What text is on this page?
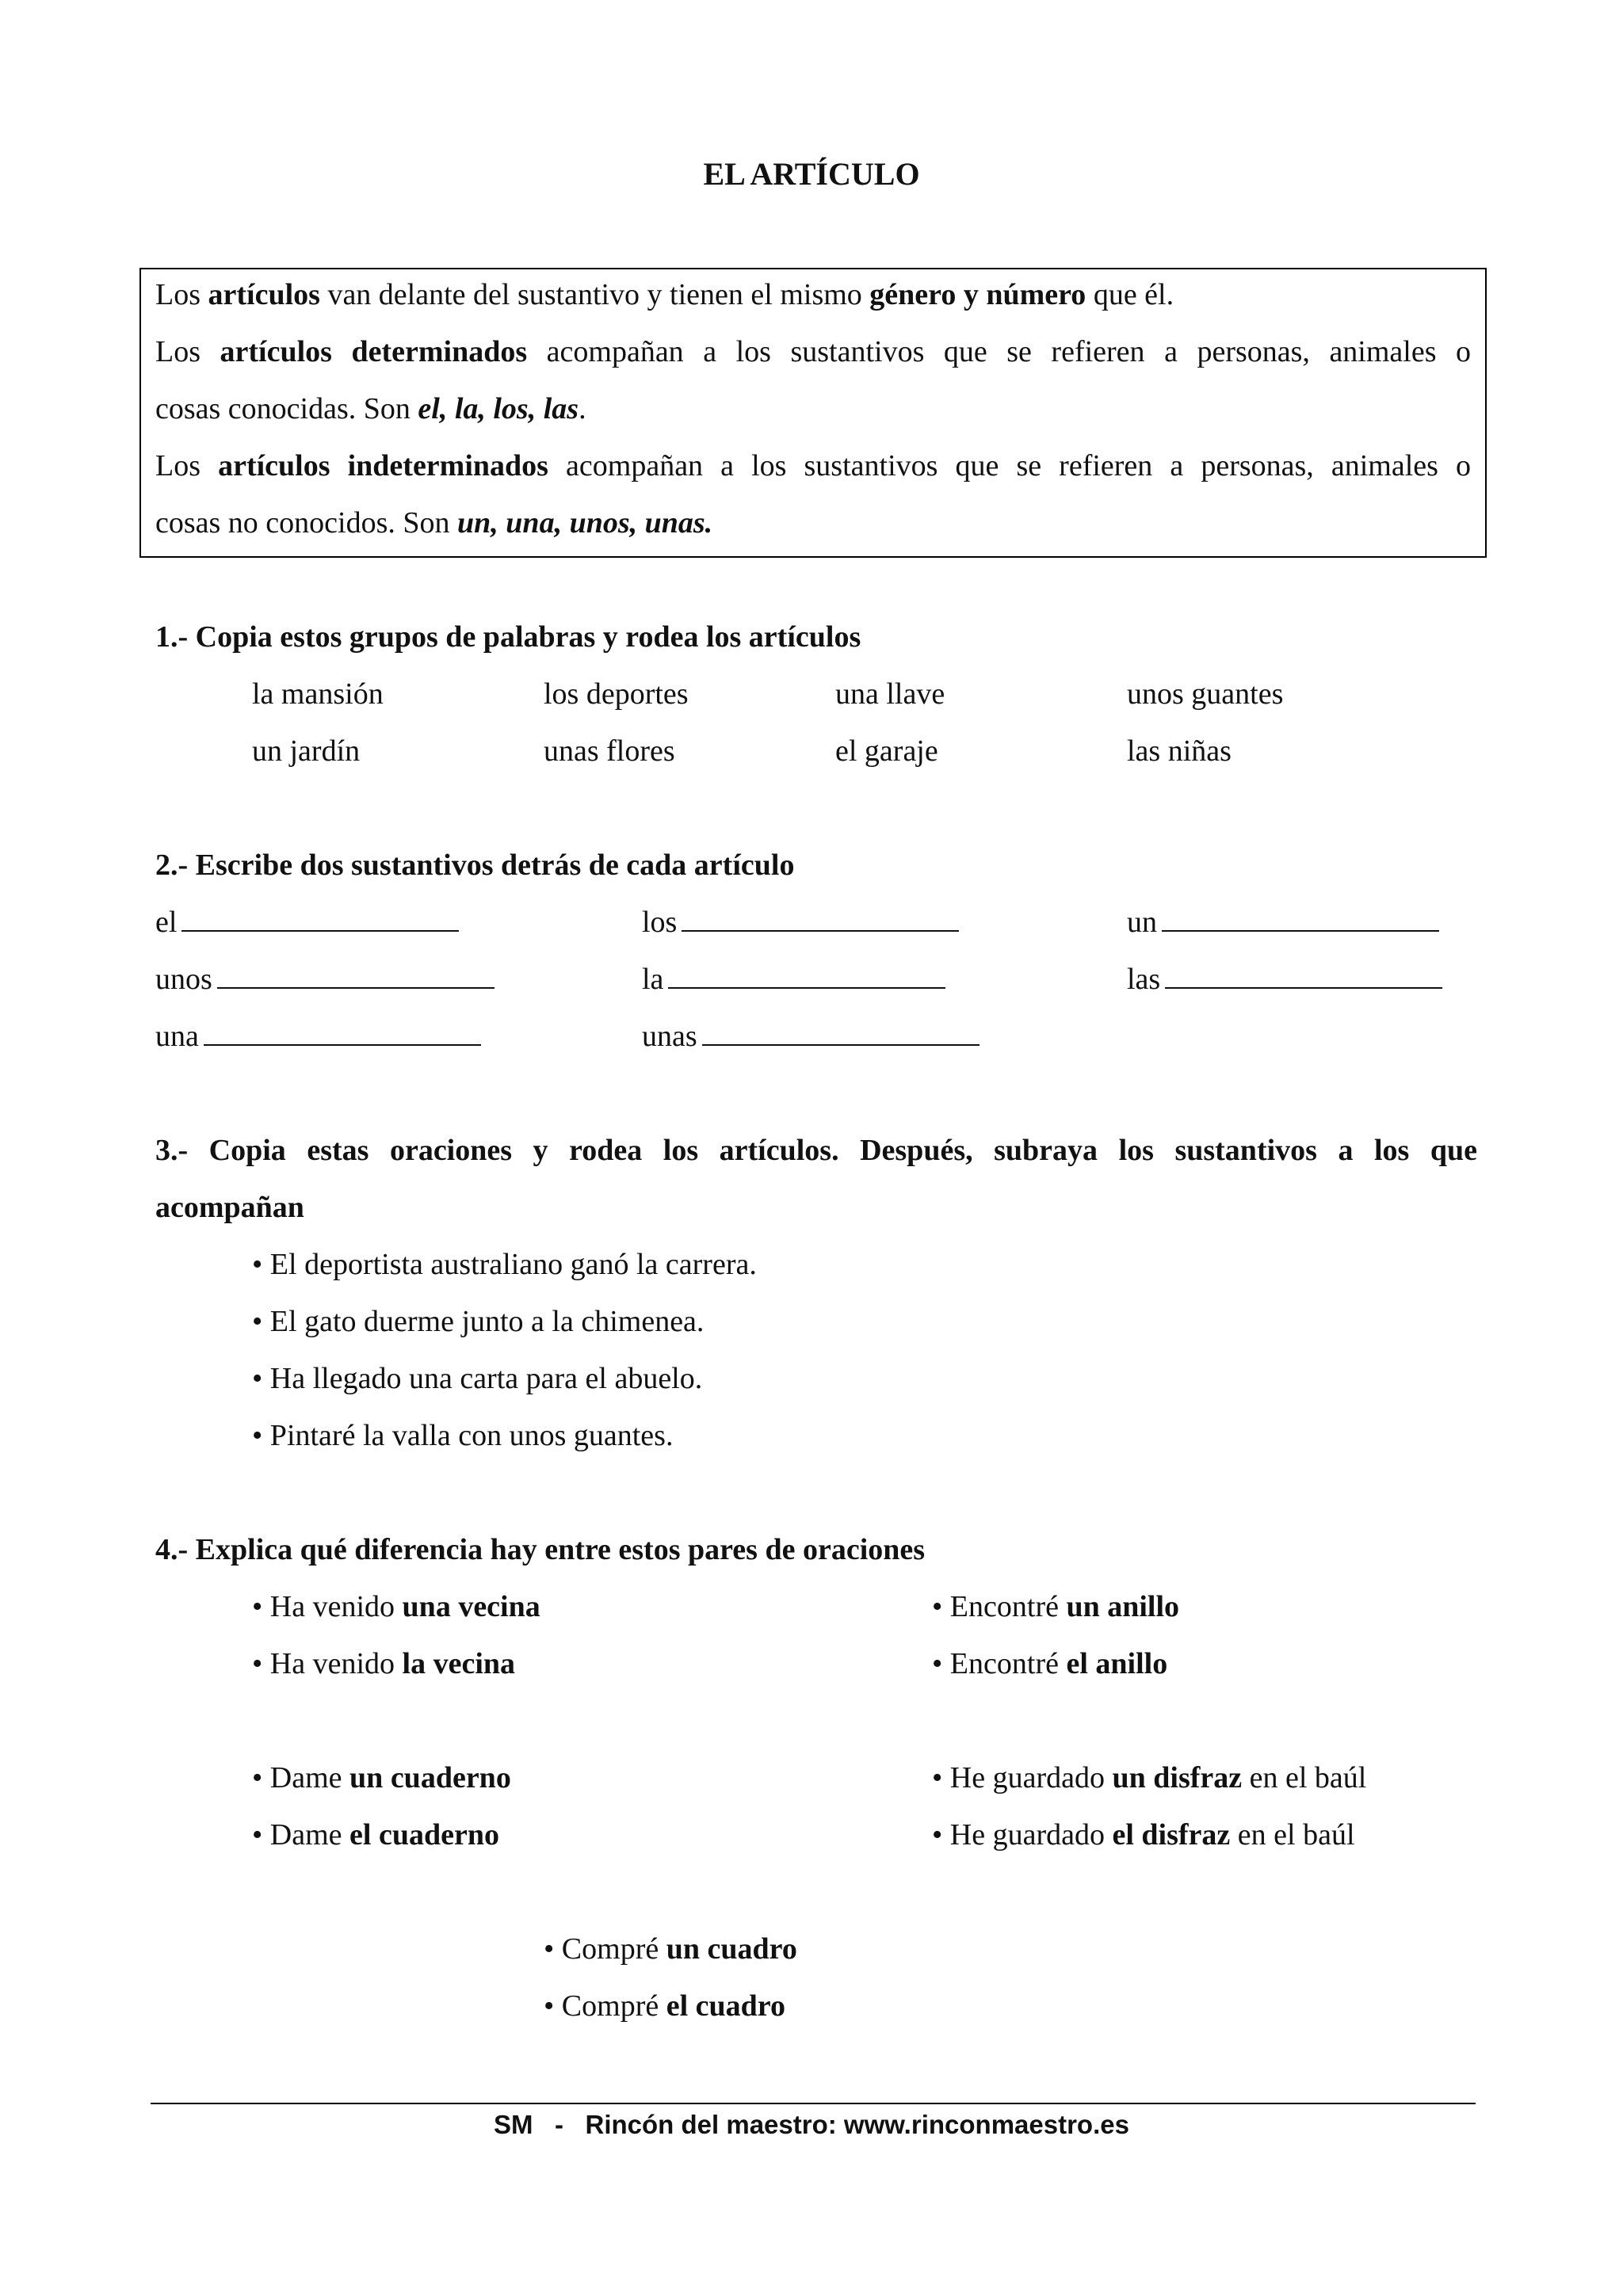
EL ARTÍCULO
Los artículos van delante del sustantivo y tienen el mismo género y número que él.
Los artículos determinados acompañan a los sustantivos que se refieren a personas, animales o
cosas conocidas. Son el, la, los, las.
Los artículos indeterminados acompañan a los sustantivos que se refieren a personas, animales o
cosas no conocidos. Son un, una, unos, unas.
1.- Copia estos grupos de palabras y rodea los artículos
la mansión	los deportes	una llave	unos guantes
un jardín	unas flores	el garaje	las niñas
2.- Escribe dos sustantivos detrás de cada artículo
el	los	un
unos	la	las
una	unas
3.- Copia estas oraciones y rodea los artículos. Después, subraya los sustantivos a los que
acompañan
• El deportista australiano ganó la carrera.
• El gato duerme junto a la chimenea.
• Ha llegado una carta para el abuelo.
• Pintaré la valla con unos guantes.
4.- Explica qué diferencia hay entre estos pares de oraciones
• Ha venido una vecina
• Ha venido la vecina
• Encontré un anillo
• Encontré el anillo
• Dame un cuaderno
• Dame el cuaderno
• He guardado un disfraz en el baúl
• He guardado el disfraz en el baúl
• Compré un cuadro
• Compré el cuadro
SM   -   Rincón del maestro: www.rinconmaestro.es
